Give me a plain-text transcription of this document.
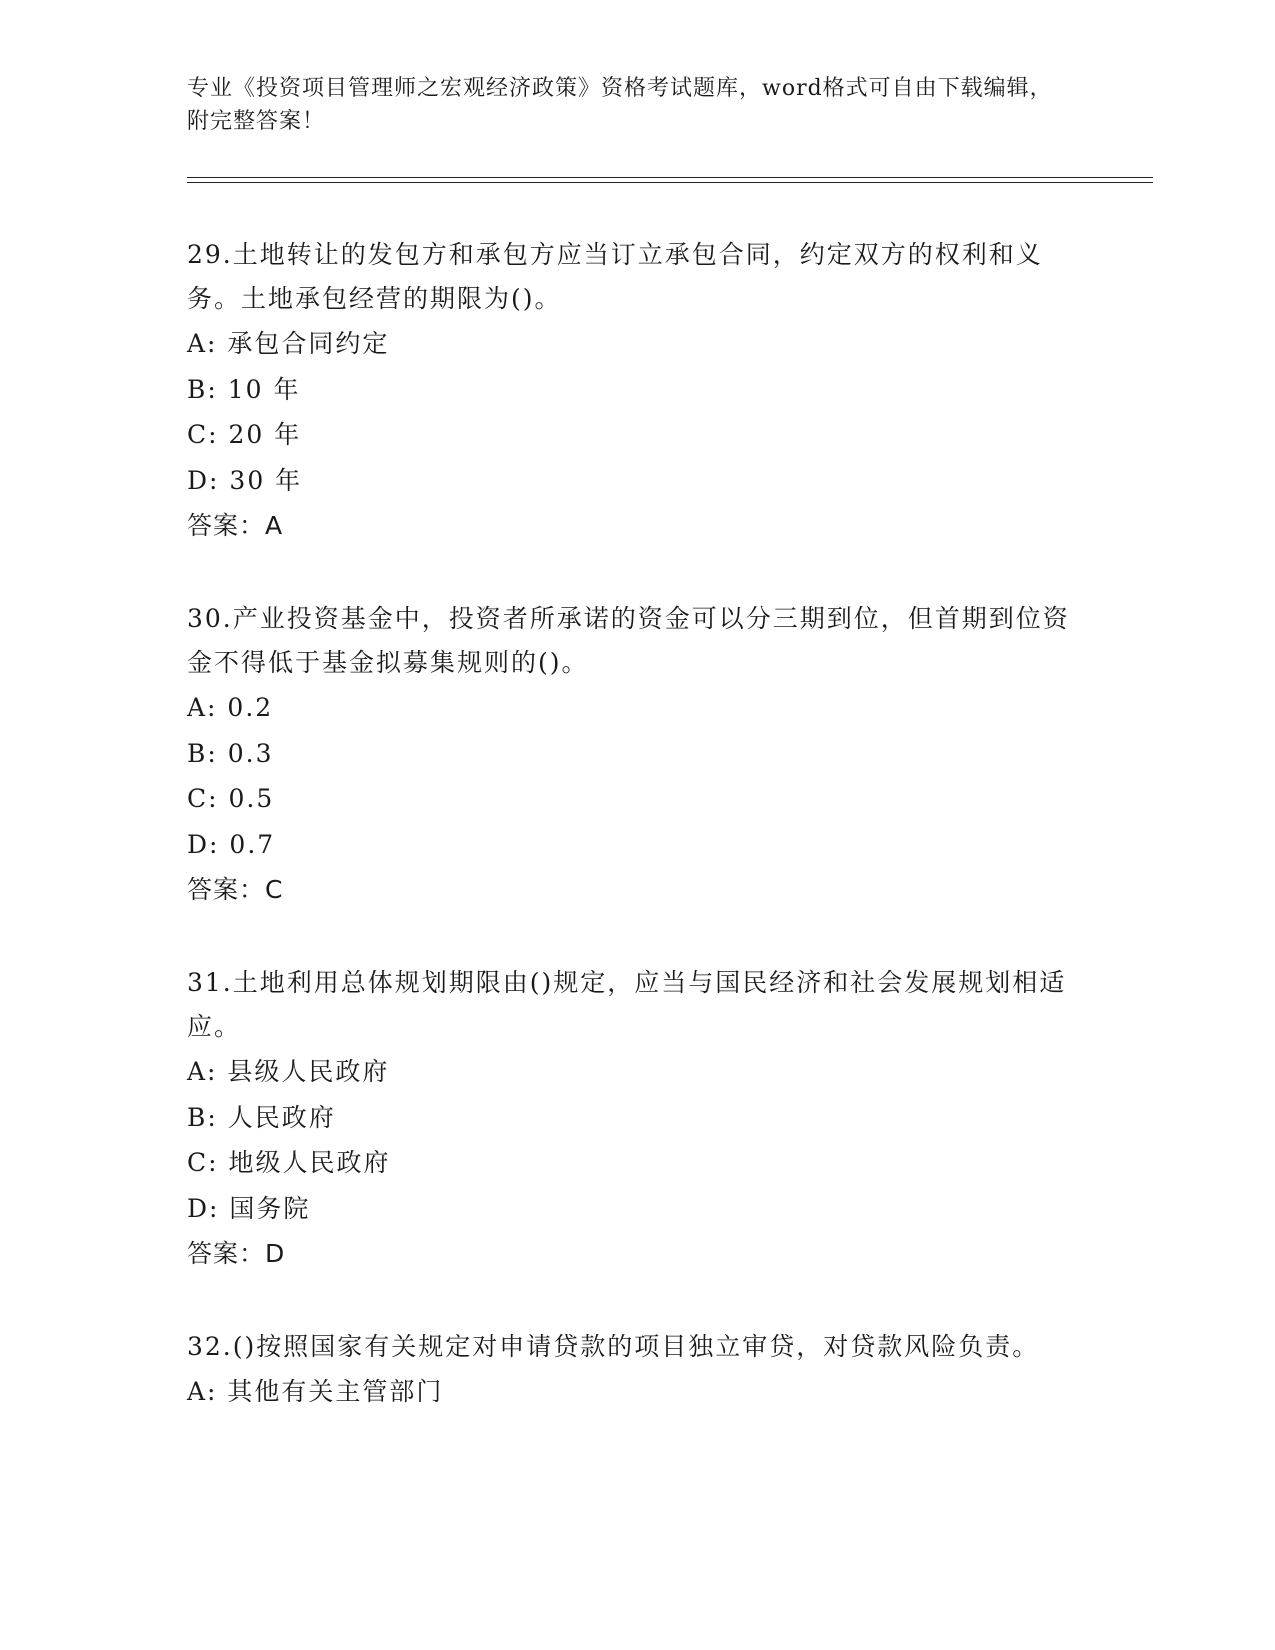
专业《投资项目管理师之宏观经济政策》资格考试题库，word格式可自由下载编辑，附完整答案！

29.土地转让的发包方和承包方应当订立承包合同，约定双方的权利和义务。土地承包经营的期限为()。

A: 承包合同约定

B: 10 年

C: 20 年

D: 30 年

答案：A

30.产业投资基金中，投资者所承诺的资金可以分三期到位，但首期到位资金不得低于基金拟募集规则的()。

A: 0.2

B: 0.3

C: 0.5

D: 0.7

答案：C

31.土地利用总体规划期限由()规定，应当与国民经济和社会发展规划相适应。

A: 县级人民政府

B: 人民政府

C: 地级人民政府

D: 国务院

答案：D

32.()按照国家有关规定对申请贷款的项目独立审贷，对贷款风险负责。

A: 其他有关主管部门
